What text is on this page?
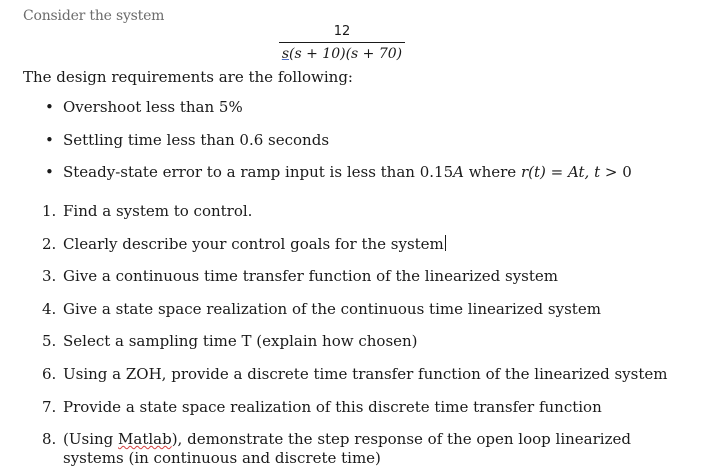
Consider the system
12
s(s + 10)(s + 70)
The design requirements are the following:
• Overshoot less than 5%
• Settling time less than 0.6 seconds
• Steady-state error to a ramp input is less than 0.15A where r(t) = At, t > 0
1. Find a system to control.
2. Clearly describe your control goals for the system
3. Give a continuous time transfer function of the linearized system
4. Give a state space realization of the continuous time linearized system
5. Select a sampling time T (explain how chosen)
6. Using a ZOH, provide a discrete time transfer function of the linearized system
7. Provide a state space realization of this discrete time transfer function
8. (Using Matlab), demonstrate the step response of the open loop linearized systems (in continuous and discrete time)
